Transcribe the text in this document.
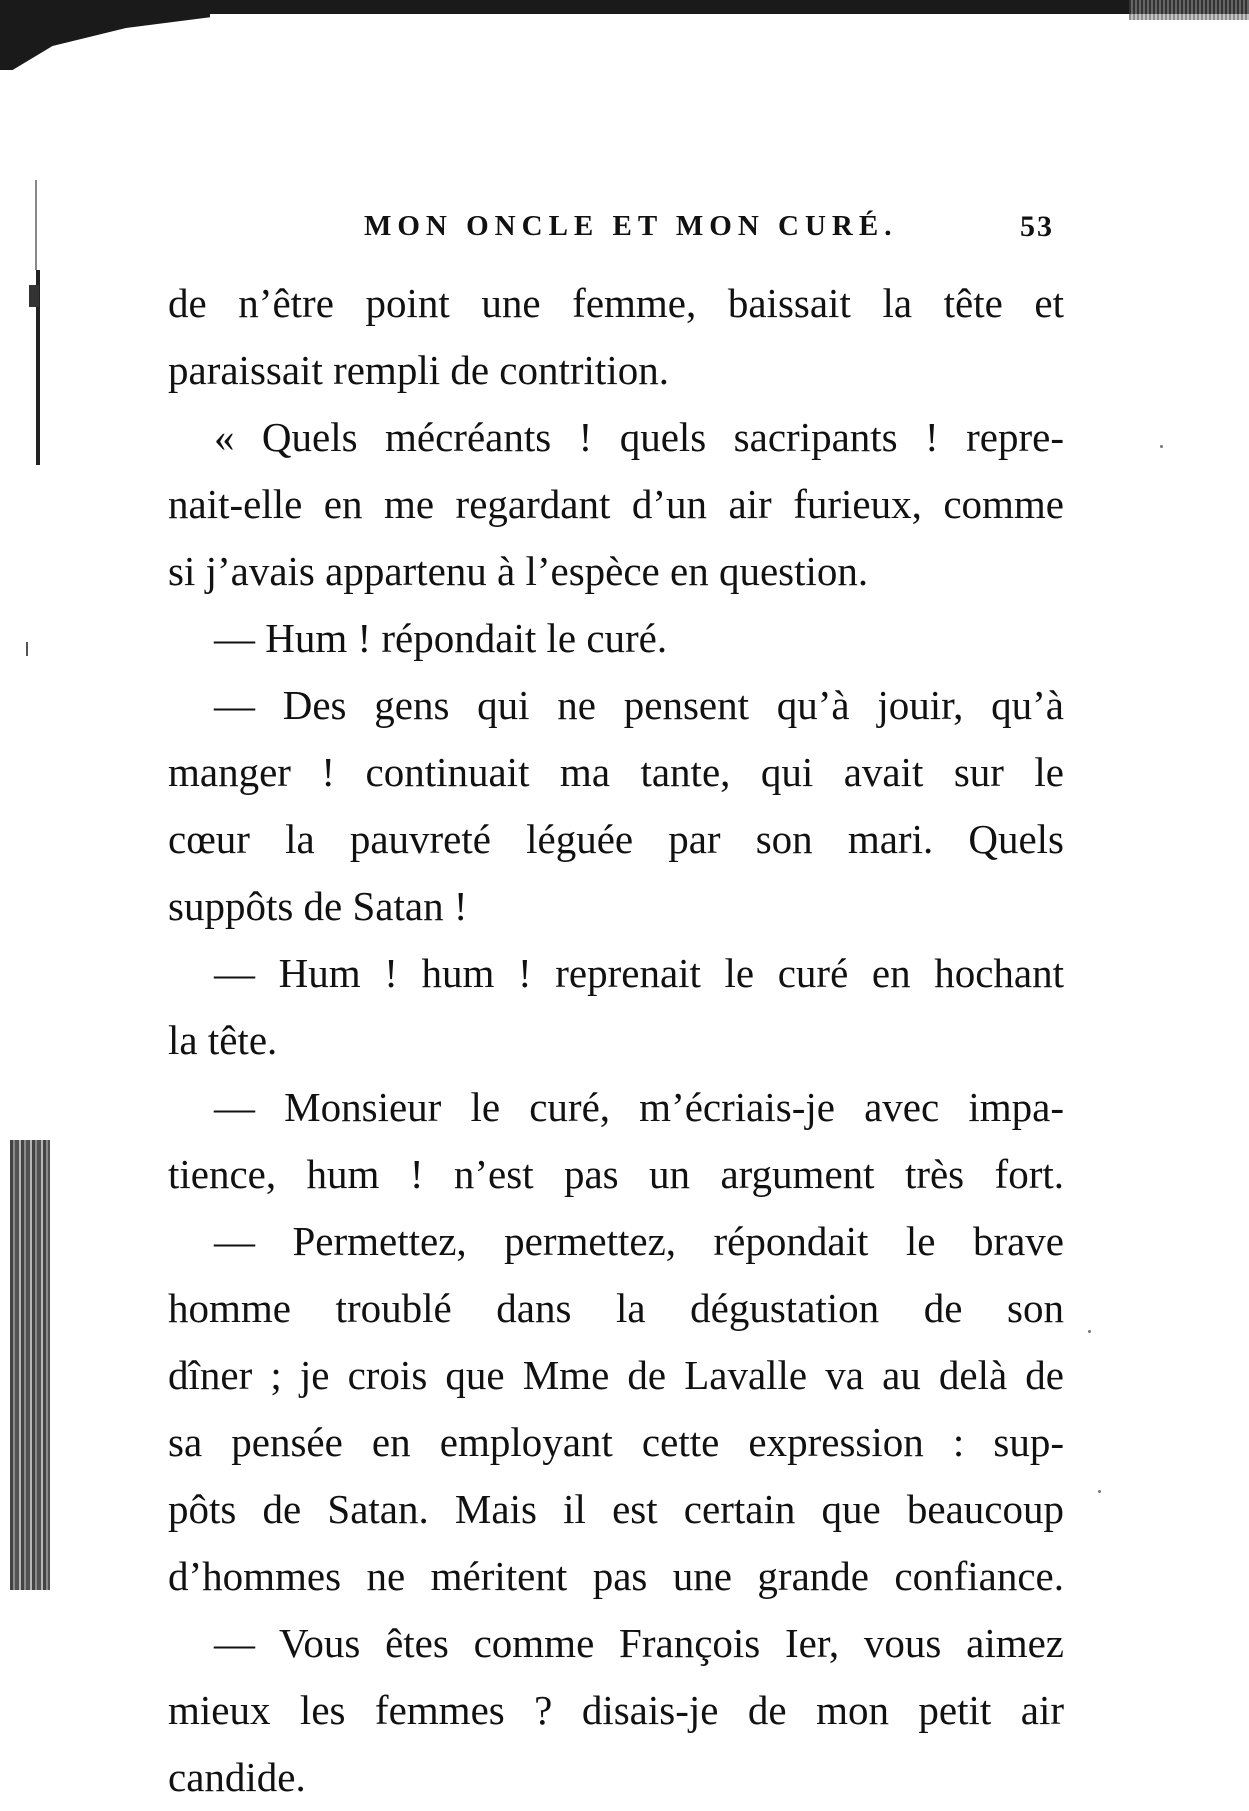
MON ONCLE ET MON CURÉ.	53
de n’être point une femme, baissait la tête et
paraissait rempli de contrition.
« Quels mécréants ! quels sacripants ! repre-
nait-elle en me regardant d’un air furieux, comme
si j’avais appartenu à l’espèce en question.
— Hum ! répondait le curé.
— Des gens qui ne pensent qu’à jouir, qu’à
manger ! continuait ma tante, qui avait sur le
cœur la pauvreté léguée par son mari. Quels
suppôts de Satan !
— Hum ! hum ! reprenait le curé en hochant
la tête.
— Monsieur le curé, m’écriais-je avec impa-
tience, hum ! n’est pas un argument très fort.
— Permettez, permettez, répondait le brave
homme troublé dans la dégustation de son
dîner ; je crois que Mme de Lavalle va au delà de
sa pensée en employant cette expression : sup-
pôts de Satan. Mais il est certain que beaucoup
d’hommes ne méritent pas une grande confiance.
— Vous êtes comme François Ier, vous aimez
mieux les femmes ? disais-je de mon petit air
candide.
